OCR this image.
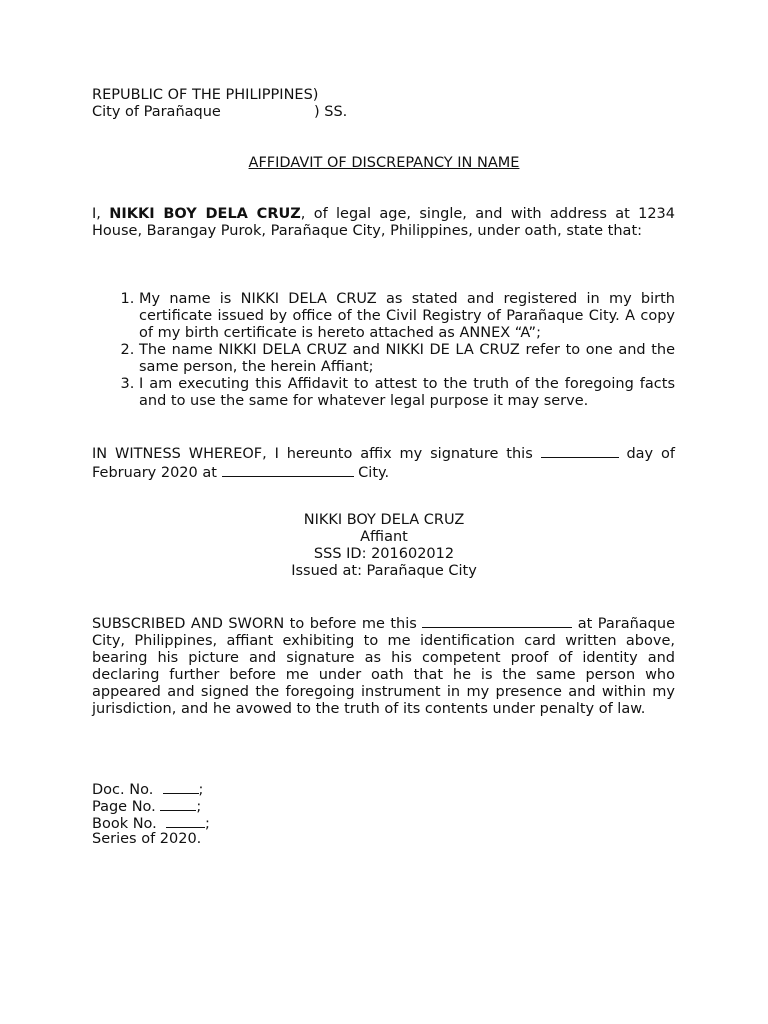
REPUBLIC OF THE PHILIPPINES)
City of Parañaque	) SS.
AFFIDAVIT OF DISCREPANCY IN NAME
I, NIKKI BOY DELA CRUZ, of legal age, single, and with address at 1234 House, Barangay Purok, Parañaque City, Philippines, under oath, state that:
1. My name is NIKKI DELA CRUZ as stated and registered in my birth certificate issued by office of the Civil Registry of Parañaque City. A copy of my birth certificate is hereto attached as ANNEX “A”;
2. The name NIKKI DELA CRUZ and NIKKI DE LA CRUZ refer to one and the same person, the herein Affiant;
3. I am executing this Affidavit to attest to the truth of the foregoing facts and to use the same for whatever legal purpose it may serve.
IN WITNESS WHEREOF, I hereunto affix my signature this	day of February 2020 at	City.
NIKKI BOY DELA CRUZ
Affiant
SSS ID: 201602012
Issued at: Parañaque City
SUBSCRIBED AND SWORN to before me this	at Parañaque City, Philippines, affiant exhibiting to me identification card written above, bearing his picture and signature as his competent proof of identity and declaring further before me under oath that he is the same person who appeared and signed the foregoing instrument in my presence and within my jurisdiction, and he avowed to the truth of its contents under penalty of law.
Doc. No.	;
Page No.	;
Book No.	;
Series of 2020.
